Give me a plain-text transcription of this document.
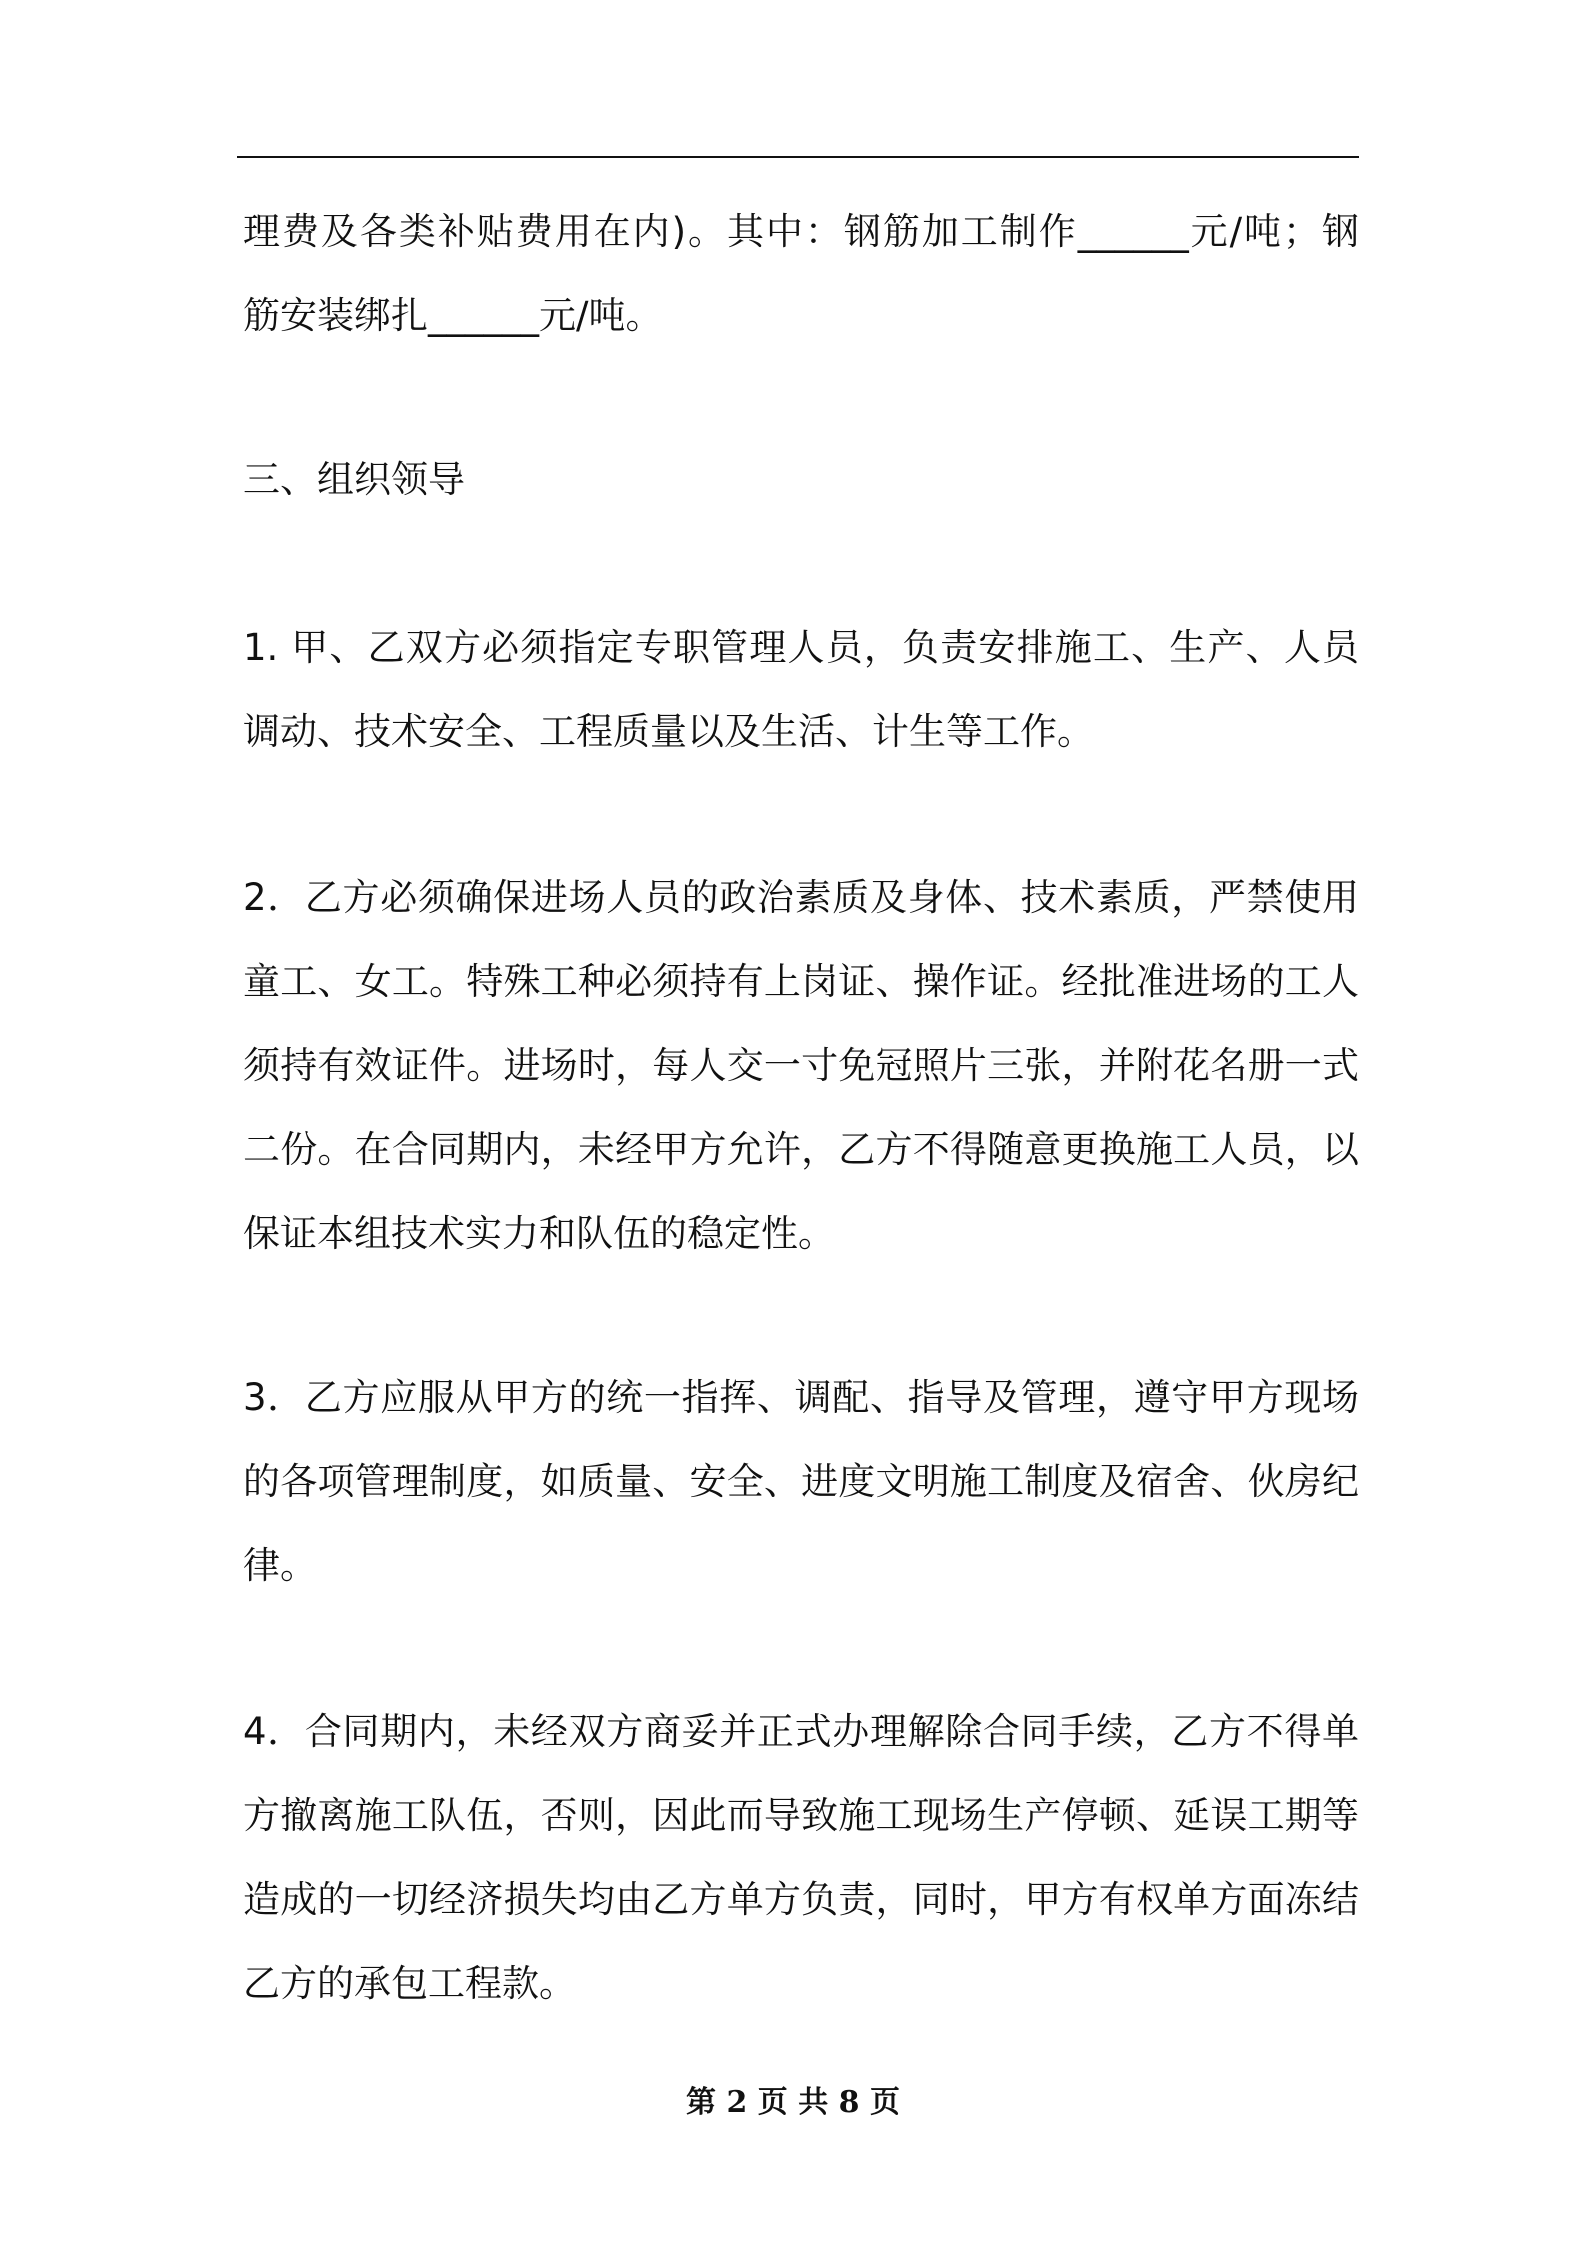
理费及各类补贴费用在内)。其中：钢筋加工制作______元/吨；钢
筋安装绑扎______元/吨。
三、组织领导
1. 甲、乙双方必须指定专职管理人员，负责安排施工、生产、人员
调动、技术安全、工程质量以及生活、计生等工作。
2．乙方必须确保进场人员的政治素质及身体、技术素质，严禁使用
童工、女工。特殊工种必须持有上岗证、操作证。经批准进场的工人
须持有效证件。进场时，每人交一寸免冠照片三张，并附花名册一式
二份。在合同期内，未经甲方允许，乙方不得随意更换施工人员，以
保证本组技术实力和队伍的稳定性。
3．乙方应服从甲方的统一指挥、调配、指导及管理，遵守甲方现场
的各项管理制度，如质量、安全、进度文明施工制度及宿舍、伙房纪
律。
4．合同期内，未经双方商妥并正式办理解除合同手续，乙方不得单
方撤离施工队伍，否则，因此而导致施工现场生产停顿、延误工期等
造成的一切经济损失均由乙方单方负责，同时，甲方有权单方面冻结
乙方的承包工程款。
第 2 页 共 8 页
